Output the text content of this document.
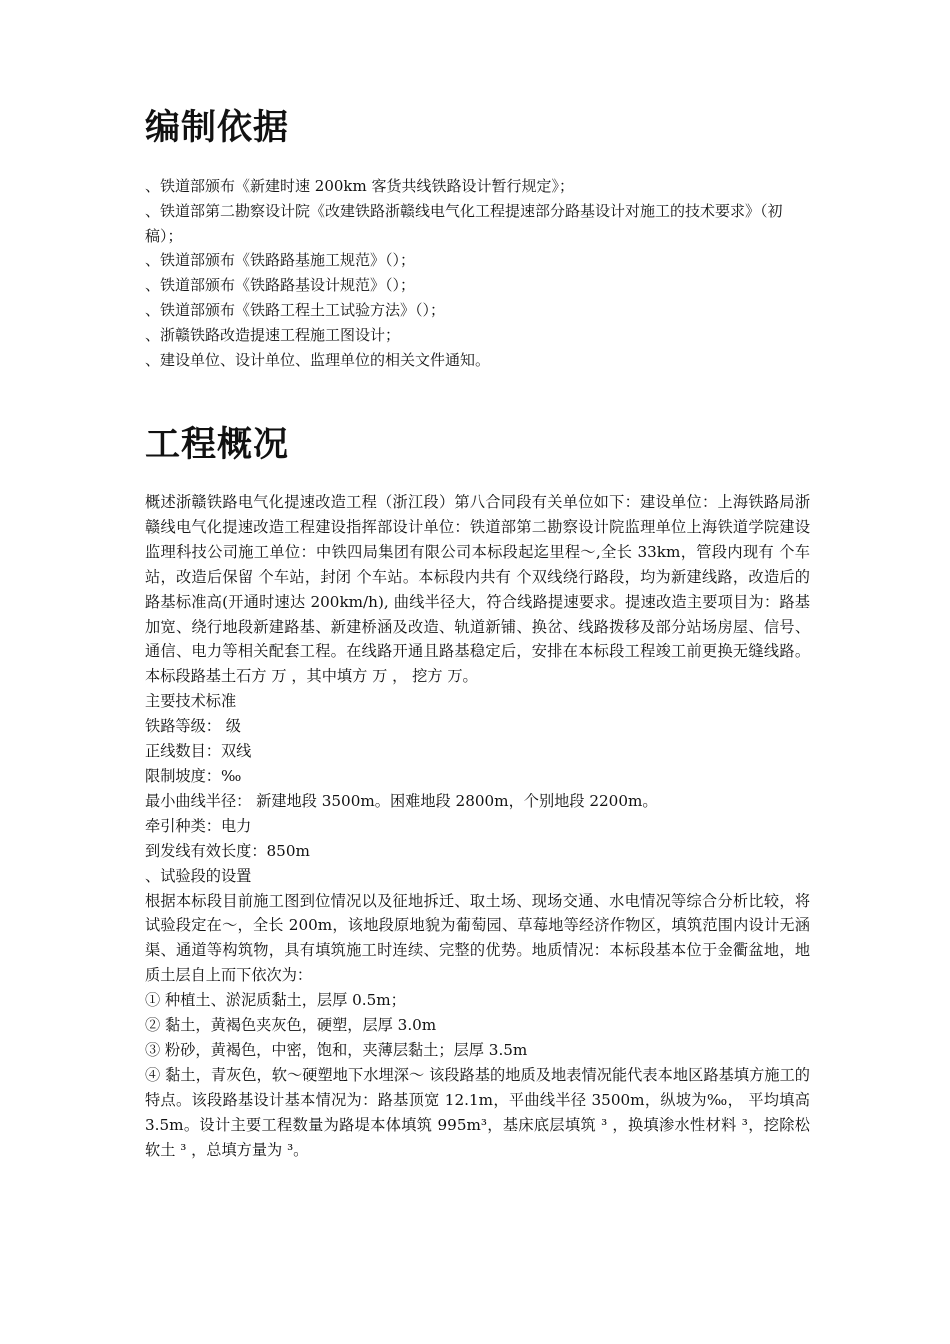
编制依据

、铁道部颁布《新建时速 200km 客货共线铁路设计暂行规定》；

、铁道部第二勘察设计院《改建铁路浙赣线电气化工程提速部分路基设计对施工的技术要求》（初稿）；

、铁道部颁布《铁路路基施工规范》（）；

、铁道部颁布《铁路路基设计规范》（）；

、铁道部颁布《铁路工程土工试验方法》（）；

、浙赣铁路改造提速工程施工图设计；

、建设单位、设计单位、监理单位的相关文件通知。

工程概况

概述浙赣铁路电气化提速改造工程（浙江段）第八合同段有关单位如下：建设单位：上海铁路局浙赣线电气化提速改造工程建设指挥部设计单位：铁道部第二勘察设计院监理单位上海铁道学院建设监理科技公司施工单位：中铁四局集团有限公司本标段起迄里程～,全长 33km，管段内现有 个车站，改造后保留 个车站，封闭 个车站。本标段内共有 个双线绕行路段，均为新建线路，改造后的路基标准高(开通时速达 200km/h), 曲线半径大，符合线路提速要求。提速改造主要项目为：路基加宽、绕行地段新建路基、新建桥涵及改造、轨道新铺、换岔、线路拨移及部分站场房屋、信号、通信、电力等相关配套工程。在线路开通且路基稳定后，安排在本标段工程竣工前更换无缝线路。本标段路基土石方 万 ，其中填方 万 ， 挖方 万。

主要技术标准

铁路等级： 级

正线数目：双线

限制坡度：‰

最小曲线半径： 新建地段 3500m。困难地段 2800m，个别地段 2200m。

牵引种类：电力

到发线有效长度：850m

、试验段的设置

根据本标段目前施工图到位情况以及征地拆迁、取土场、现场交通、水电情况等综合分析比较，将试验段定在～，全长 200m，该地段原地貌为葡萄园、草莓地等经济作物区，填筑范围内设计无涵渠、通道等构筑物，具有填筑施工时连续、完整的优势。地质情况：本标段基本位于金衢盆地，地质土层自上而下依次为：

① 种植土、淤泥质黏土，层厚 0.5m；

② 黏土，黄褐色夹灰色，硬塑，层厚 3.0m

③ 粉砂，黄褐色，中密，饱和，夹薄层黏土；层厚 3.5m

④ 黏土，青灰色，软～硬塑地下水埋深～ 该段路基的地质及地表情况能代表本地区路基填方施工的特点。该段路基设计基本情况为：路基顶宽 12.1m，平曲线半径 3500m，纵坡为‰， 平均填高 3.5m。设计主要工程数量为路堤本体填筑 995m³，基床底层填筑 ³ ，换填渗水性材料 ³，挖除松软土 ³ ，总填方量为 ³。
